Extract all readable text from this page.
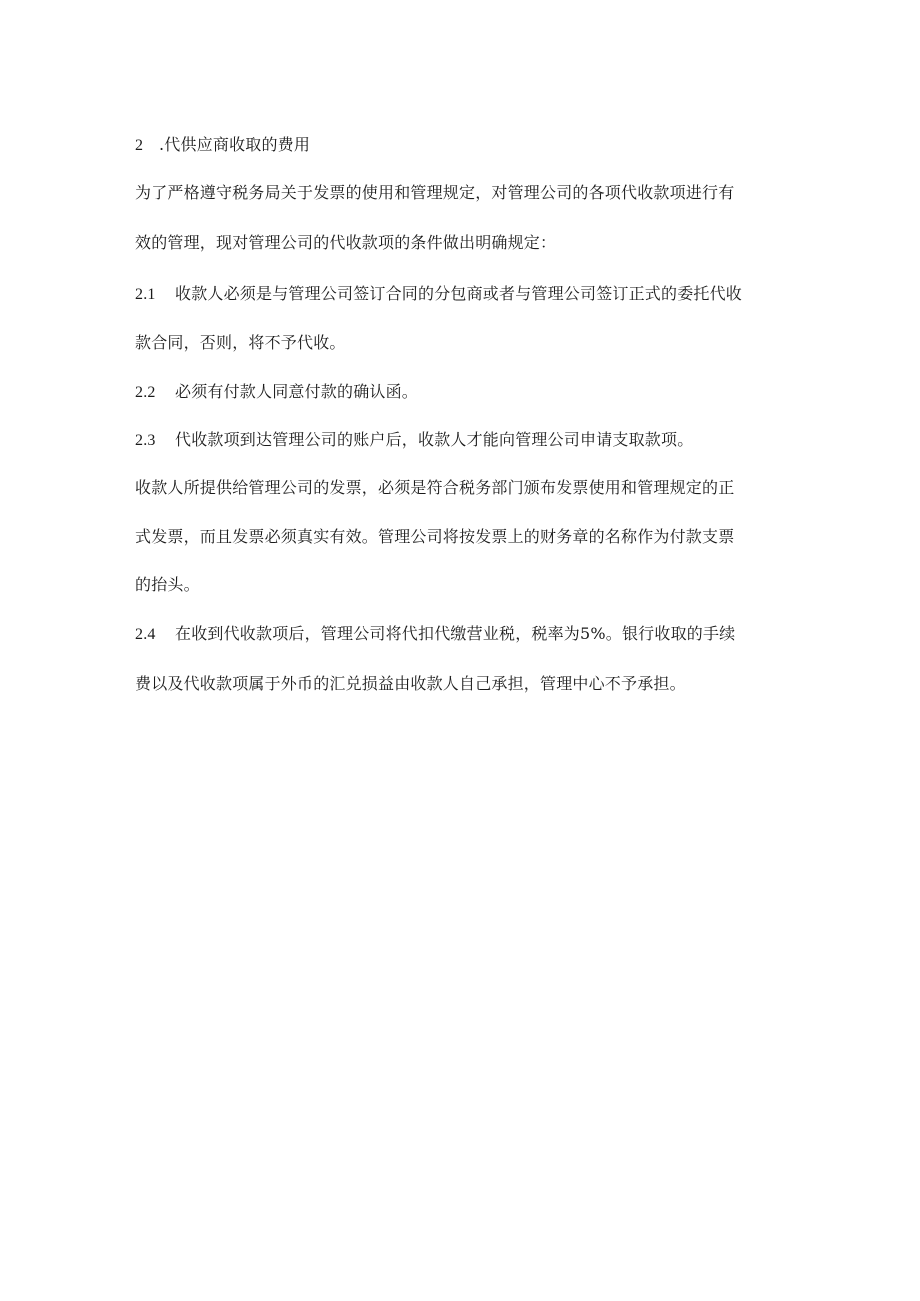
2 .代供应商收取的费用
为了严格遵守税务局关于发票的使用和管理规定，对管理公司的各项代收款项进行有
效的管理，现对管理公司的代收款项的条件做出明确规定：
2.1 收款人必须是与管理公司签订合同的分包商或者与管理公司签订正式的委托代收
款合同，否则，将不予代收。
2.2 必须有付款人同意付款的确认函。
2.3 代收款项到达管理公司的账户后，收款人才能向管理公司申请支取款项。
收款人所提供给管理公司的发票，必须是符合税务部门颁布发票使用和管理规定的正
式发票，而且发票必须真实有效。管理公司将按发票上的财务章的名称作为付款支票
的抬头。
2.4 在收到代收款项后，管理公司将代扣代缴营业税，税率为5%。银行收取的手续
费以及代收款项属于外币的汇兑损益由收款人自己承担，管理中心不予承担。
